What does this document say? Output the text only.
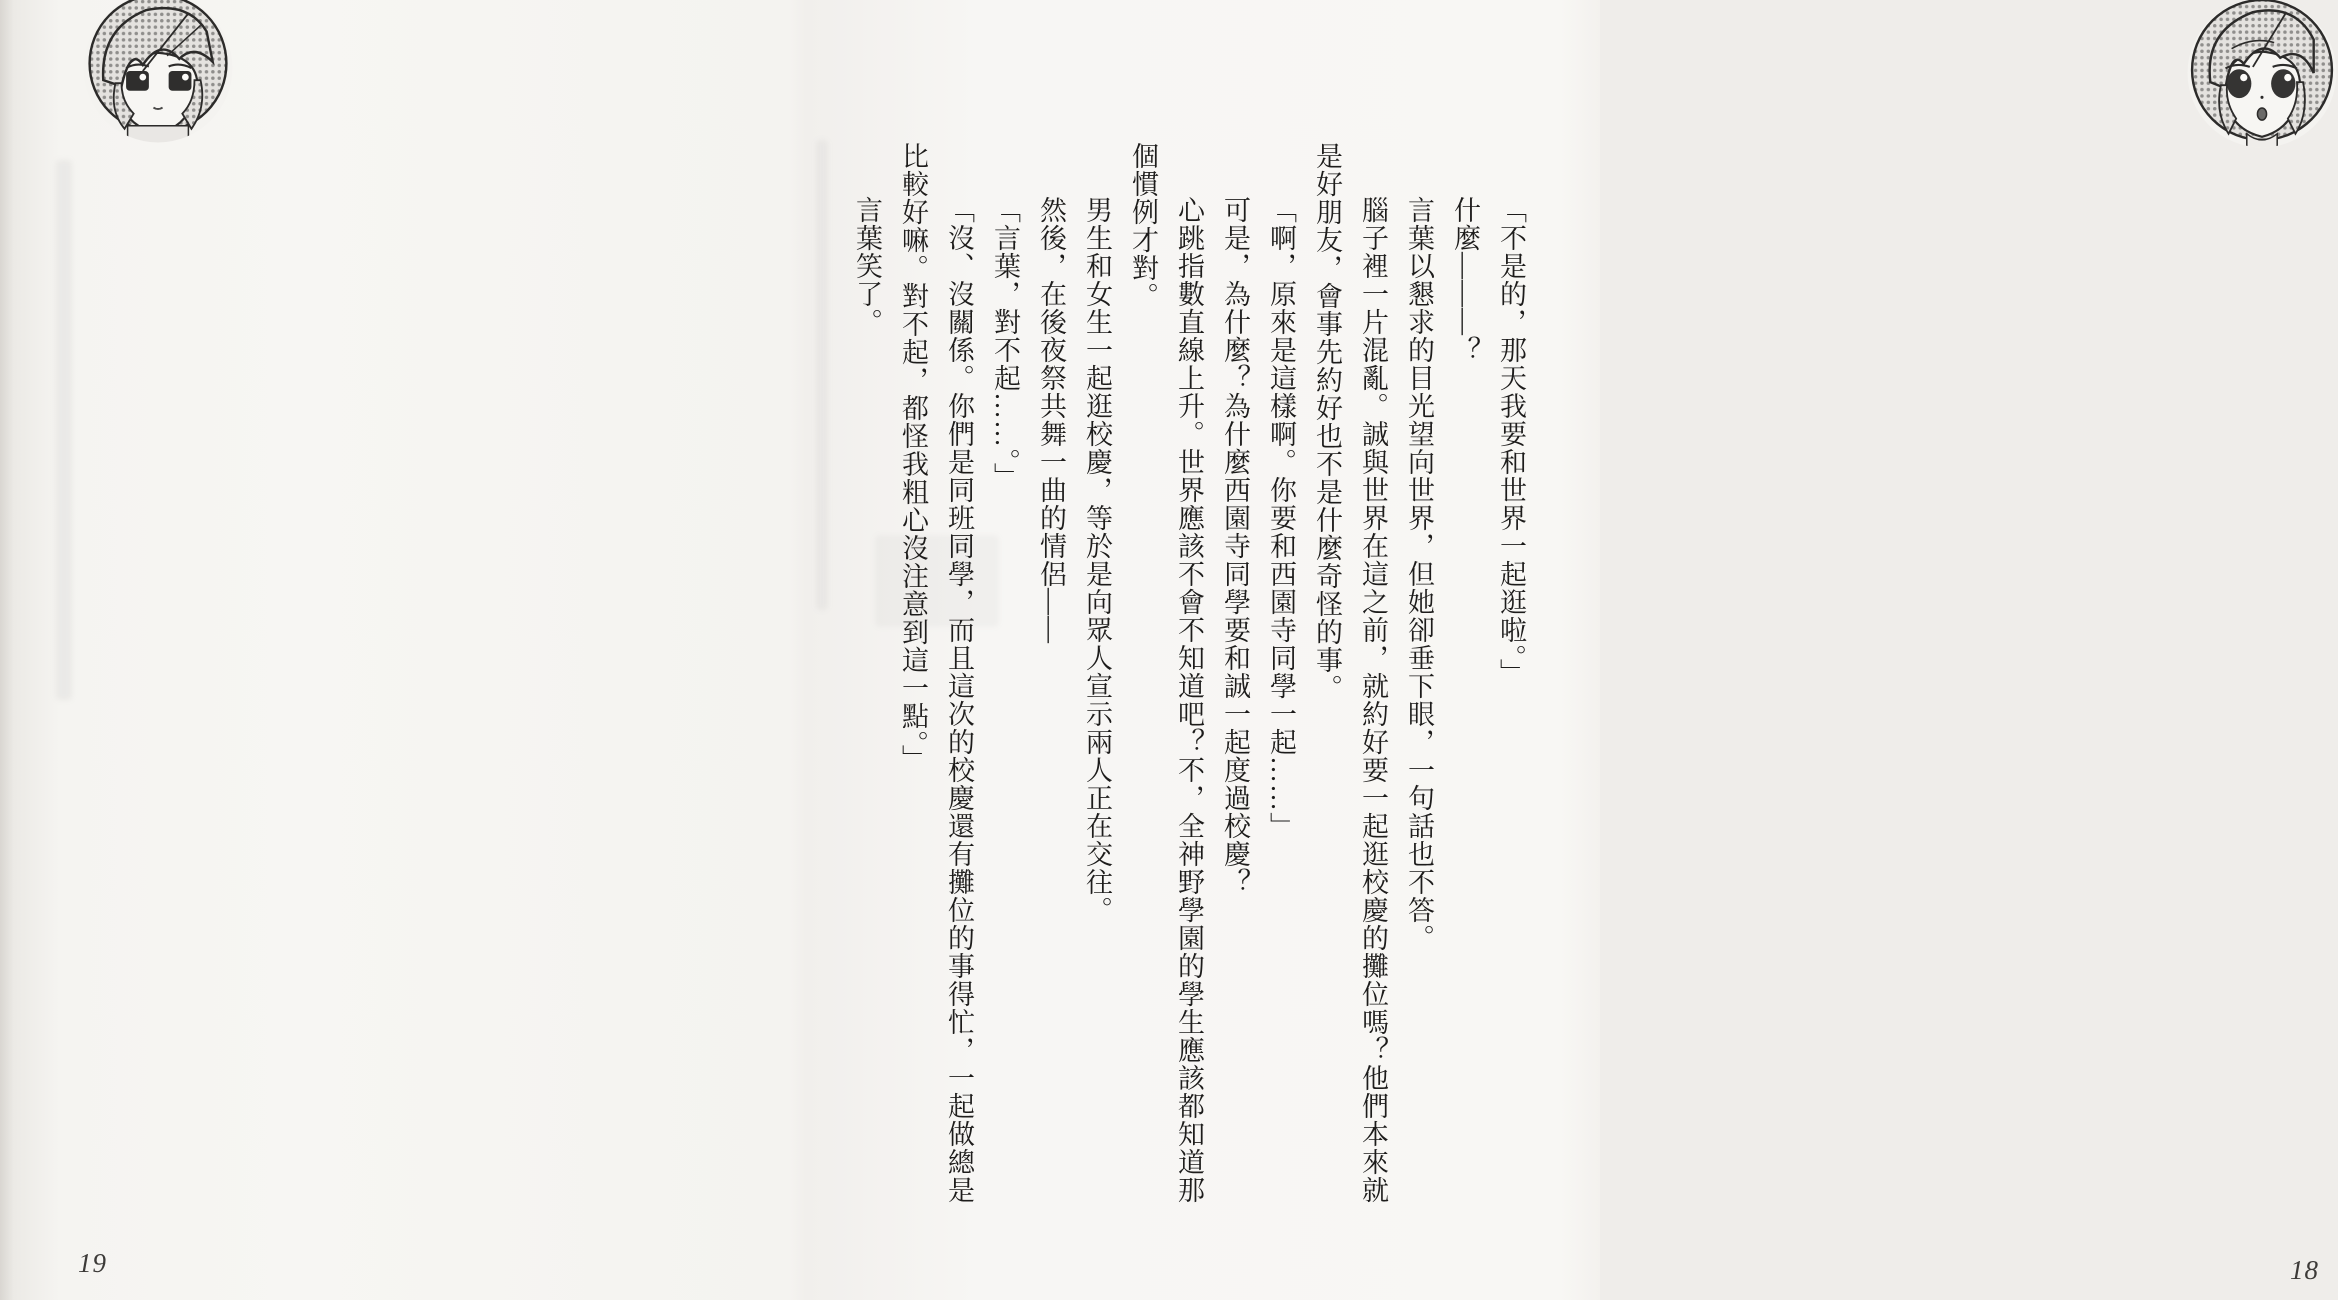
19

「不是的，那天我要和世界一起逛啦。」

什麼———？

言葉以懇求的目光望向世界，但她卻垂下眼，一句話也不答。

腦子裡一片混亂。誠與世界在這之前，就約好要一起逛校慶的攤位嗎？他們本來就是好朋友，會事先約好也不是什麼奇怪的事。

「啊，原來是這樣啊。你要和西園寺同學一起……」

可是，為什麼？為什麼西園寺同學要和誠一起度過校慶？

心跳指數直線上升。世界應該不會不知道吧？不，全神野學園的學生應該都知道那個慣例才對。

男生和女生一起逛校慶，等於是向眾人宣示兩人正在交往。

然後，在後夜祭共舞一曲的情侶——

「言葉，對不起……。」

「沒、沒關係。你們是同班同學，而且這次的校慶還有攤位的事得忙，一起做總是比較好嘛。對不起，都怪我粗心沒注意到這一點。」

言葉笑了。

18
